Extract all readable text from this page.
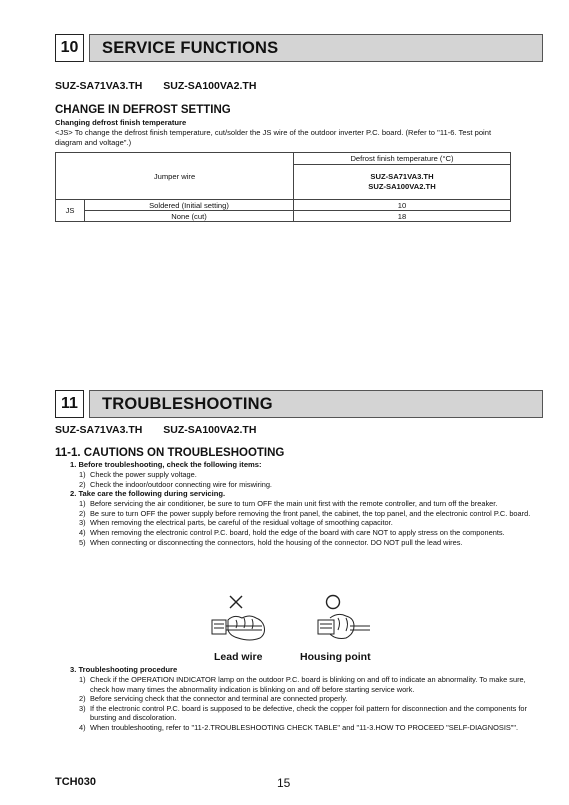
10	SERVICE FUNCTIONS
SUZ-SA71VA3.TH SUZ-SA100VA2.TH
CHANGE IN DEFROST SETTING
Changing defrost finish temperature
<JS> To change the defrost finish temperature, cut/solder the JS wire of the outdoor inverter P.C. board. (Refer to "11-6. Test point diagram and voltage".)
Jumper wire		Defrost finish temperature (°C)

		SUZ-SA71VA3.TH
SUZ-SA100VA2.TH

JS	Soldered (Initial setting)	10
	None (cut)	18
11	TROUBLESHOOTING
SUZ-SA71VA3.TH SUZ-SA100VA2.TH
11-1. CAUTIONS ON TROUBLESHOOTING
1. Before troubleshooting, check the following items:
1) Check the power supply voltage.
2) Check the indoor/outdoor connecting wire for miswiring.
2. Take care the following during servicing.
1) Before servicing the air conditioner, be sure to turn OFF the main unit first with the remote controller, and turn off the breaker.
2) Be sure to turn OFF the power supply before removing the front panel, the cabinet, the top panel, and the electronic control P.C. board.
3) When removing the electrical parts, be careful of the residual voltage of smoothing capacitor.
4) When removing the electronic control P.C. board, hold the edge of the board with care NOT to apply stress on the components.
5) When connecting or disconnecting the connectors, hold the housing of the connector. DO NOT pull the lead wires.
Lead wire	Housing point
3. Troubleshooting procedure
1) Check if the OPERATION INDICATOR lamp on the outdoor P.C. board is blinking on and off to indicate an abnormality. To make sure, check how many times the abnormality indication is blinking on and off before starting service work.
2) Before servicing check that the connector and terminal are connected properly.
3) If the electronic control P.C. board is supposed to be defective, check the copper foil pattern for disconnection and the components for bursting and discoloration.
4) When troubleshooting, refer to "11-2.TROUBLESHOOTING CHECK TABLE" and "11-3.HOW TO PROCEED "SELF-DIAGNOSIS"".
TCH030	15
